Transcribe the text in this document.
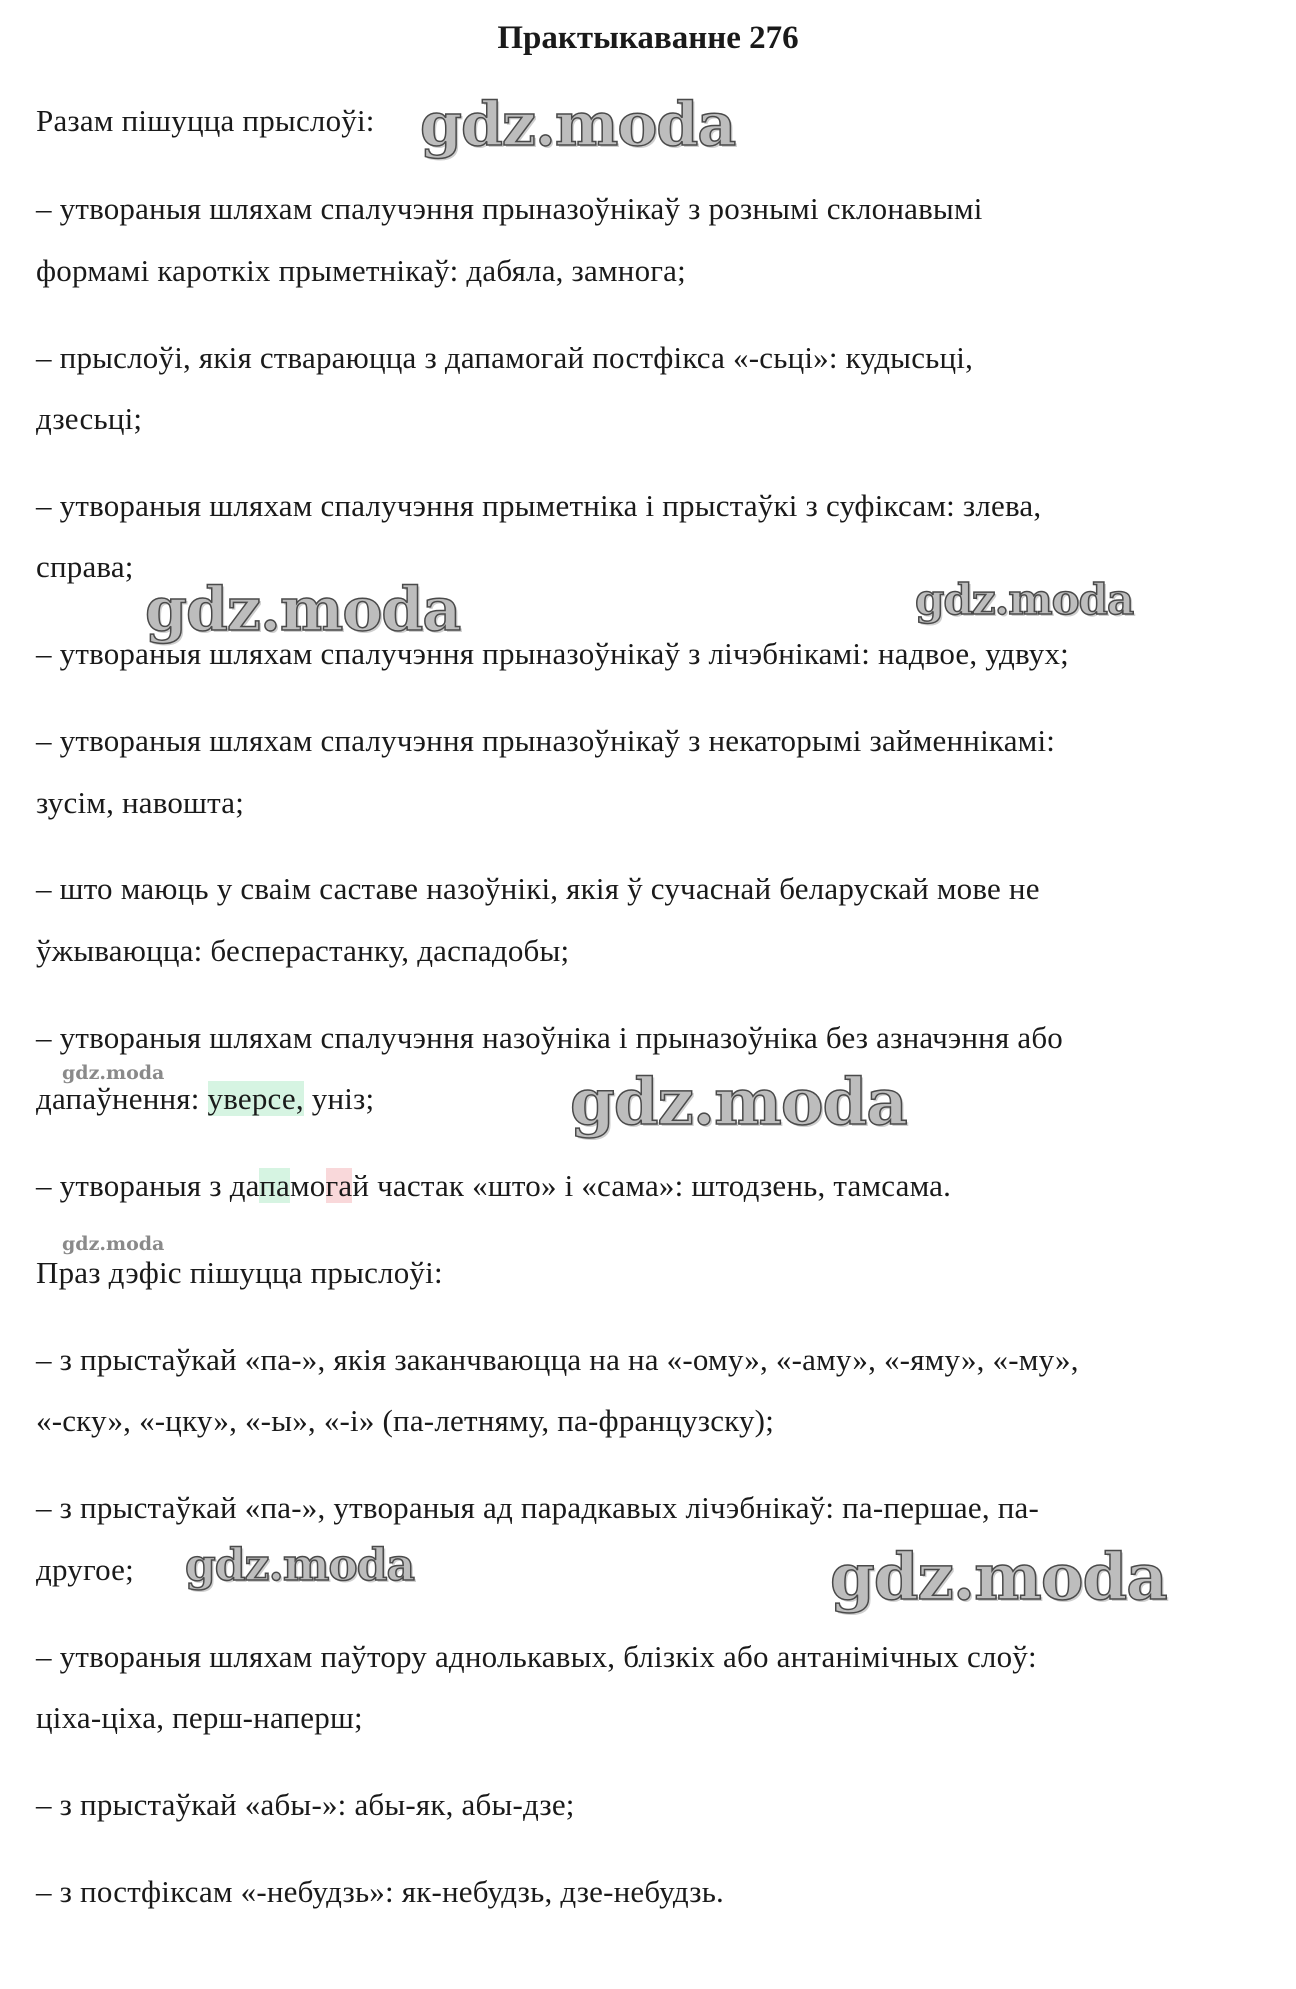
Практыкаванне 276
Разам пішуцца прыслоўі:
– утвораныя шляхам спалучэння прыназоўнікаў з рознымі склонавымі
формамі кароткіх прыметнікаў: дабяла, замнога;
– прыслоўі, якія ствараюцца з дапамогай постфікса «-сьці»: кудысьці,
дзесьці;
– утвораныя шляхам спалучэння прыметніка і прыстаўкі з суфіксам: злева,
справа;
– утвораныя шляхам спалучэння прыназоўнікаў з лічэбнікамі: надвое, удвух;
– утвораныя шляхам спалучэння прыназоўнікаў з некаторымі займеннікамі:
зусім, навошта;
– што маюць у сваім саставе назоўнікі, якія ў сучаснай беларускай мове не
ўжываюцца: бесперастанку, даспадобы;
– утвораныя шляхам спалучэння назоўніка і прыназоўніка без азначэння або
дапаўнення: уверсе, уніз;
– утвораныя з дапамогай частак «што» і «сама»: штодзень, тамсама.
Праз дэфіс пішуцца прыслоўі:
– з прыстаўкай «па-», якія заканчваюцца на на «-ому», «-аму», «-яму», «-му»,
«-ску», «-цку», «-ы», «-і» (па-летняму, па-французску);
– з прыстаўкай «па-», утвораныя ад парадкавых лічэбнікаў: па-першае, па-
другое;
– утвораныя шляхам паўтору аднолькавых, блізкіх або антанімічных слоў:
ціха-ціха, перш-наперш;
– з прыстаўкай «абы-»: абы-як, абы-дзе;
– з постфіксам «-небудзь»: як-небудзь, дзе-небудзь.
gdz.moda
gdz.moda	gdz.moda
gdz.moda
gdz.moda	gdz.moda
gdz.moda
gdz.moda
